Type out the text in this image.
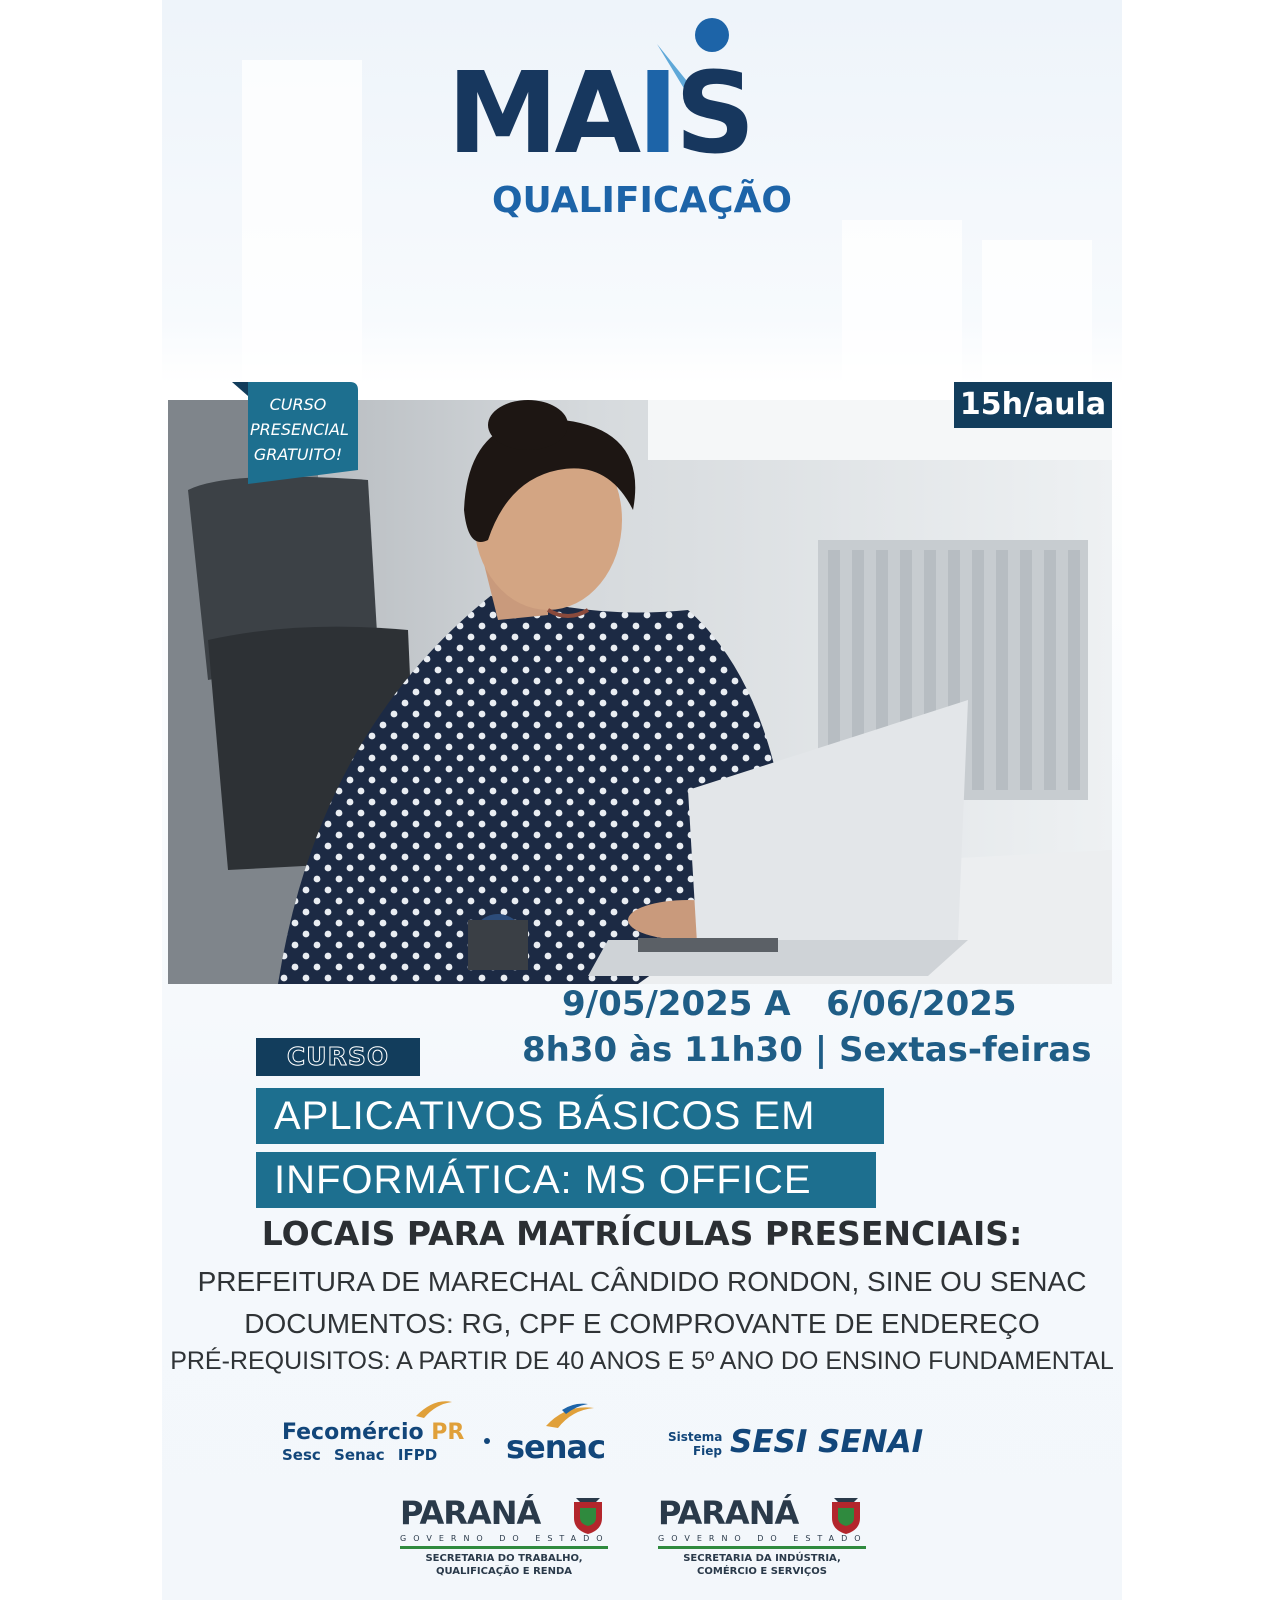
MAIS
QUALIFICAÇÃO
CURSO
PRESENCIAL
GRATUITO!
15h/aula
9/05/2025 A   6/06/2025
8h30 às 11h30 | Sextas-feiras
CURSO
APLICATIVOS BÁSICOS EM
INFORMÁTICA: MS OFFICE
LOCAIS PARA MATRÍCULAS PRESENCIAIS:
PREFEITURA DE MARECHAL CÂNDIDO RONDON, SINE OU SENAC
DOCUMENTOS: RG, CPF E COMPROVANTE DE ENDEREÇO
PRÉ-REQUISITOS: A PARTIR DE 40 ANOS E 5º ANO DO ENSINO FUNDAMENTAL
Fecomércio PR
Sesc Senac IFPD senac	Sistema Fiep SESI SENAI
PARANÁ
GOVERNO DO ESTADO
SECRETARIA DO TRABALHO, QUALIFICAÇÃO E RENDA
PARANÁ
GOVERNO DO ESTADO
SECRETARIA DA INDÚSTRIA, COMÉRCIO E SERVIÇOS
